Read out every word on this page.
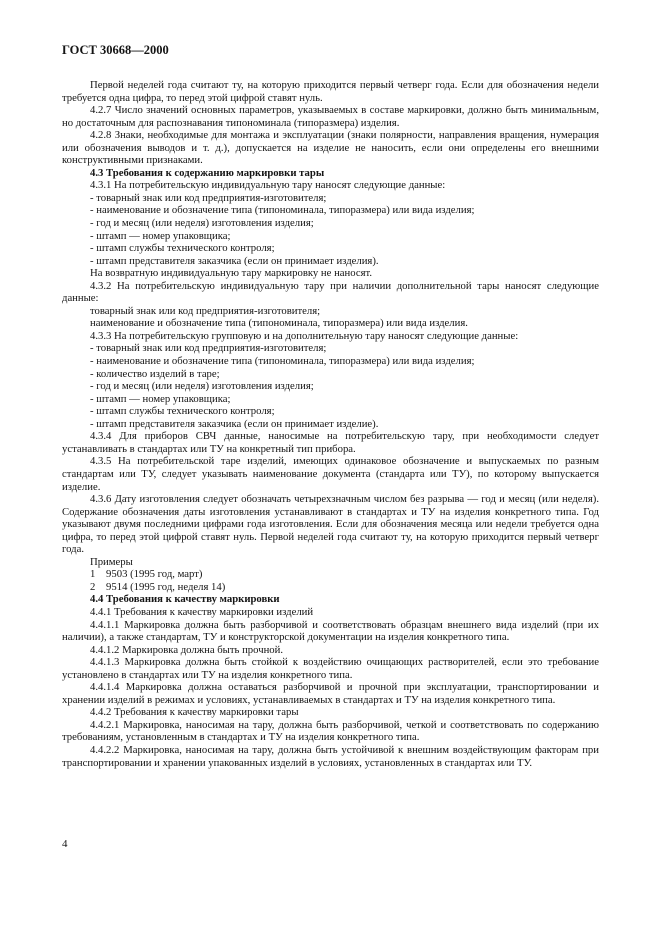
ГОСТ 30668—2000

Первой неделей года считают ту, на которую приходится первый четверг года. Если для обозначения недели требуется одна цифра, то перед этой цифрой ставят нуль.

4.2.7 Число значений основных параметров, указываемых в составе маркировки, должно быть минимальным, но достаточным для распознавания типономинала (типоразмера) изделия.

4.2.8 Знаки, необходимые для монтажа и эксплуатации (знаки полярности, направления вращения, нумерация или обозначения выводов и т. д.), допускается на изделие не наносить, если они определены его внешними конструктивными признаками.

4.3 Требования к содержанию маркировки тары

4.3.1 На потребительскую индивидуальную тару наносят следующие данные:

- товарный знак или код предприятия-изготовителя;

- наименование и обозначение типа (типономинала, типоразмера) или вида изделия;

- год и месяц (или неделя) изготовления изделия;

- штамп — номер упаковщика;

- штамп службы технического контроля;

- штамп представителя заказчика (если он принимает изделия).

На возвратную индивидуальную тару маркировку не наносят.

4.3.2 На потребительскую индивидуальную тару при наличии дополнительной тары наносят следующие данные:

товарный знак или код предприятия-изготовителя;

наименование и обозначение типа (типономинала, типоразмера) или вида изделия.

4.3.3 На потребительскую групповую и на дополнительную тару наносят следующие данные:

- товарный знак или код предприятия-изготовителя;

- наименование и обозначение типа (типономинала, типоразмера) или вида изделия;

- количество изделий в таре;

- год и месяц (или неделя) изготовления изделия;

- штамп — номер упаковщика;

- штамп службы технического контроля;

- штамп представителя заказчика (если он принимает изделие).

4.3.4 Для приборов СВЧ данные, наносимые на потребительскую тару, при необходимости следует устанавливать в стандартах или ТУ на конкретный тип прибора.

4.3.5 На потребительской таре изделий, имеющих одинаковое обозначение и выпускаемых по разным стандартам или ТУ, следует указывать наименование документа (стандарта или ТУ), по которому выпускается изделие.

4.3.6 Дату изготовления следует обозначать четырехзначным числом без разрыва — год и месяц (или неделя). Содержание обозначения даты изготовления устанавливают в стандартах и ТУ на изделия конкретного типа. Год указывают двумя последними цифрами года изготовления. Если для обозначения месяца или недели требуется одна цифра, то перед этой цифрой ставят нуль. Первой неделей года считают ту, на которую приходится первый четверг года.

Примеры

1    9503 (1995 год, март)

2    9514 (1995 год, неделя 14)

4.4 Требования к качеству маркировки

4.4.1 Требования к качеству маркировки изделий

4.4.1.1 Маркировка должна быть разборчивой и соответствовать образцам внешнего вида изделий (при их наличии), а также стандартам, ТУ и конструкторской документации на изделия конкретного типа.

4.4.1.2 Маркировка должна быть прочной.

4.4.1.3 Маркировка должна быть стойкой к воздействию очищающих растворителей, если это требование установлено в стандартах или ТУ на изделия конкретного типа.

4.4.1.4 Маркировка должна оставаться разборчивой и прочной при эксплуатации, транспортировании и хранении изделий в режимах и условиях, устанавливаемых в стандартах и ТУ на изделия конкретного типа.

4.4.2 Требования к качеству маркировки тары

4.4.2.1 Маркировка, наносимая на тару, должна быть разборчивой, четкой и соответствовать по содержанию требованиям, установленным в стандартах и ТУ на изделия конкретного типа.

4.4.2.2 Маркировка, наносимая на тару, должна быть устойчивой к внешним воздействующим факторам при транспортировании и хранении упакованных изделий в условиях, установленных в стандартах или ТУ.

4
